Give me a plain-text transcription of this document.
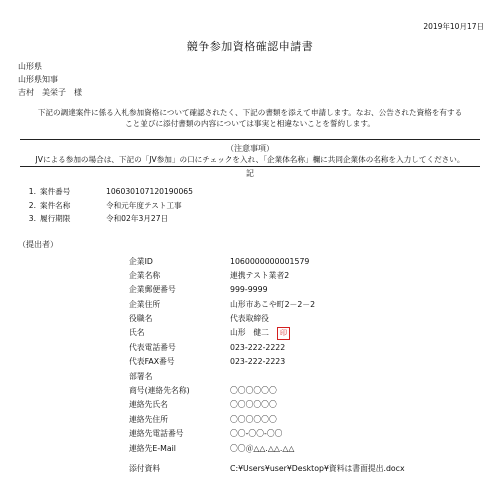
2019年10月17日
競争参加資格確認申請書
山形県
山形県知事
吉村　美栄子　様

下記の調達案件に係る入札参加資格について確認されたく、下記の書類を添えて申請します。なお、公告された資格を有する

こと並びに添付書類の内容については事実と相違ないことを誓約します。

（注意事項）
JVによる参加の場合は、下記の「JV参加」の口にチェックを入れ、「企業体名称」欄に共同企業体の名称を入力してください。
記
1. 案件番号	106030107120190065
2. 案件名称	令和元年度テスト工事
3. 履行期限	令和02年3月27日
（提出者）
企業ID	1060000000001579
企業名称	連携テスト業者2
企業郵便番号	999-9999
企業住所	山形市あこや町2－2－2
役職名	代表取締役
氏名	山形　健二	印
代表電話番号	023-222-2222
代表FAX番号	023-222-2223
部署名
商号(連絡先名称)	〇〇〇〇〇〇
連絡先氏名	〇〇〇〇〇〇
連絡先住所	〇〇〇〇〇〇
連絡先電話番号	〇〇-〇〇-〇〇
連絡先E-Mail	〇〇＠△△.△△.△△
添付資料	C:¥Users¥user¥Desktop¥資料は書面提出.docx
